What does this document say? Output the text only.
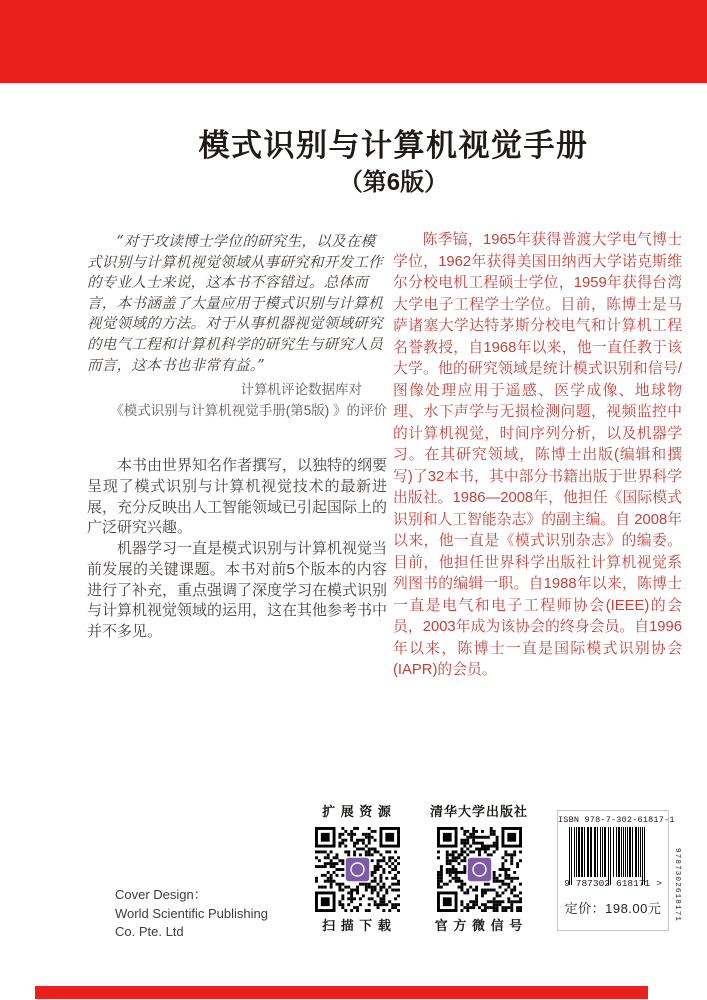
模式识别与计算机视觉手册
（第6版）
“对于攻读博士学位的研究生，以及在模式识别与计算机视觉领域从事研究和开发工作的专业人士来说，这本书不容错过。总体而言，本书涵盖了大量应用于模式识别与计算机视觉领域的方法。对于从事机器视觉领域研究的电气工程和计算机科学的研究生与研究人员而言，这本书也非常有益。”
计算机评论数据库对
《模式识别与计算机视觉手册(第5版) 》的评价
本书由世界知名作者撰写，以独特的纲要呈现了模式识别与计算机视觉技术的最新进展，充分反映出人工智能领域已引起国际上的广泛研究兴趣。
机器学习一直是模式识别与计算机视觉当前发展的关键课题。本书对前5个版本的内容进行了补充，重点强调了深度学习在模式识别与计算机视觉领域的运用，这在其他参考书中并不多见。
陈季镐，1965年获得普渡大学电气博士学位，1962年获得美国田纳西大学诺克斯维尔分校电机工程硕士学位，1959年获得台湾大学电子工程学士学位。目前，陈博士是马萨诸塞大学达特茅斯分校电气和计算机工程名誉教授，自1968年以来，他一直任教于该大学。他的研究领域是统计模式识别和信号/图像处理应用于遥感、医学成像、地球物理、水下声学与无损检测问题，视频监控中的计算机视觉，时间序列分析，以及机器学习。在其研究领域，陈博士出版(编辑和撰写)了32本书，其中部分书籍出版于世界科学出版社。1986—2008年，他担任《国际模式识别和人工智能杂志》的副主编。自 2008年以来，他一直是《模式识别杂志》的编委。目前，他担任世界科学出版社计算机视觉系列图书的编辑一职。自1988年以来，陈博士一直是电气和电子工程师协会(IEEE)的会员，2003年成为该协会的终身会员。自1996 年以来，陈博士一直是国际模式识别协会(IAPR)的会员。
扩 展 资 源
扫 描 下 载
清华大学出版社
官 方 微 信 号
Cover Design：
World Scientific Publishing
Co. Pte. Ltd
ISBN 978-7-302-61817-1
9 787302 618171 >
定价：198.00元	9787302618171
